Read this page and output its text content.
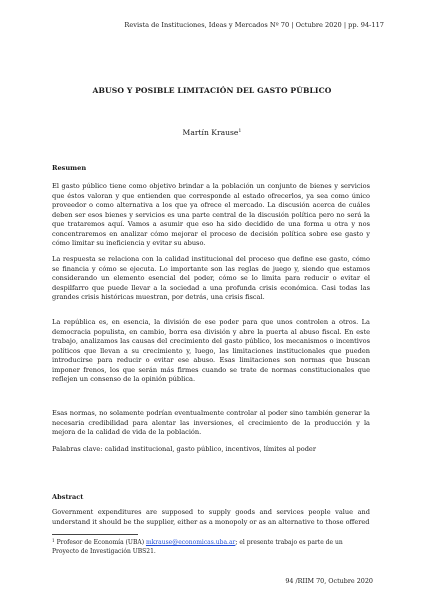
Revista de Instituciones, Ideas y Mercados Nº 70 | Octubre 2020 | pp. 94-117
ABUSO Y POSIBLE LIMITACIÓN DEL GASTO PÚBLICO
Martín Krause$^1$
Resumen

El gasto público tiene como objetivo brindar a la población un conjunto de bienes y servicios que éstos valoran y que entienden que corresponde al estado ofrecerlos, ya sea como único proveedor o como alternativa a los que ya ofrece el mercado. La discusión acerca de cuáles deben ser esos bienes y servicios es una parte central de la discusión política pero no será la que trataremos aquí. Vamos a asumir que eso ha sido decidido de una forma u otra y nos concentraremos en analizar cómo mejorar el proceso de decisión política sobre ese gasto y cómo limitar su ineficiencia y evitar su abuso.

La respuesta se relaciona con la calidad institucional del proceso que define ese gasto, cómo se financia y cómo se ejecuta. Lo importante son las reglas de juego y, siendo que estamos considerando un elemento esencial del poder, cómo se lo limita para reducir o evitar el despilfarro que puede llevar a la sociedad a una profunda crisis económica. Casi todas las grandes crisis históricas muestran, por detrás, una crisis fiscal.

La república es, en esencia, la división de ese poder para que unos controlen a otros. La democracia populista, en cambio, borra esa división y abre la puerta al abuso fiscal. En este trabajo, analizamos las causas del crecimiento del gasto público, los mecanismos o incentivos políticos que llevan a su crecimiento y, luego, las limitaciones institucionales que pueden introducirse para reducir o evitar ese abuso. Esas limitaciones son normas que buscan imponer frenos, los que serán más firmes cuando se trate de normas constitucionales que reflejen un consenso de la opinión pública.

Esas normas, no solamente podrían eventualmente controlar al poder sino también generar la necesaria credibilidad para alentar las inversiones, el crecimiento de la producción y la mejora de la calidad de vida de la población.

Palabras clave: calidad institucional, gasto público, incentivos, límites al poder

Abstract

Government expenditures are supposed to supply goods and services people value and understand it should be the supplier, either as a monopoly or as an alternative to those offered

$^1$ Profesor de Economía (UBA) mkrause@economicas.uba.ar; el presente trabajo es parte de un Proyecto de Investigación UBS21.

94 /RIIM 70, Octubre 2020
